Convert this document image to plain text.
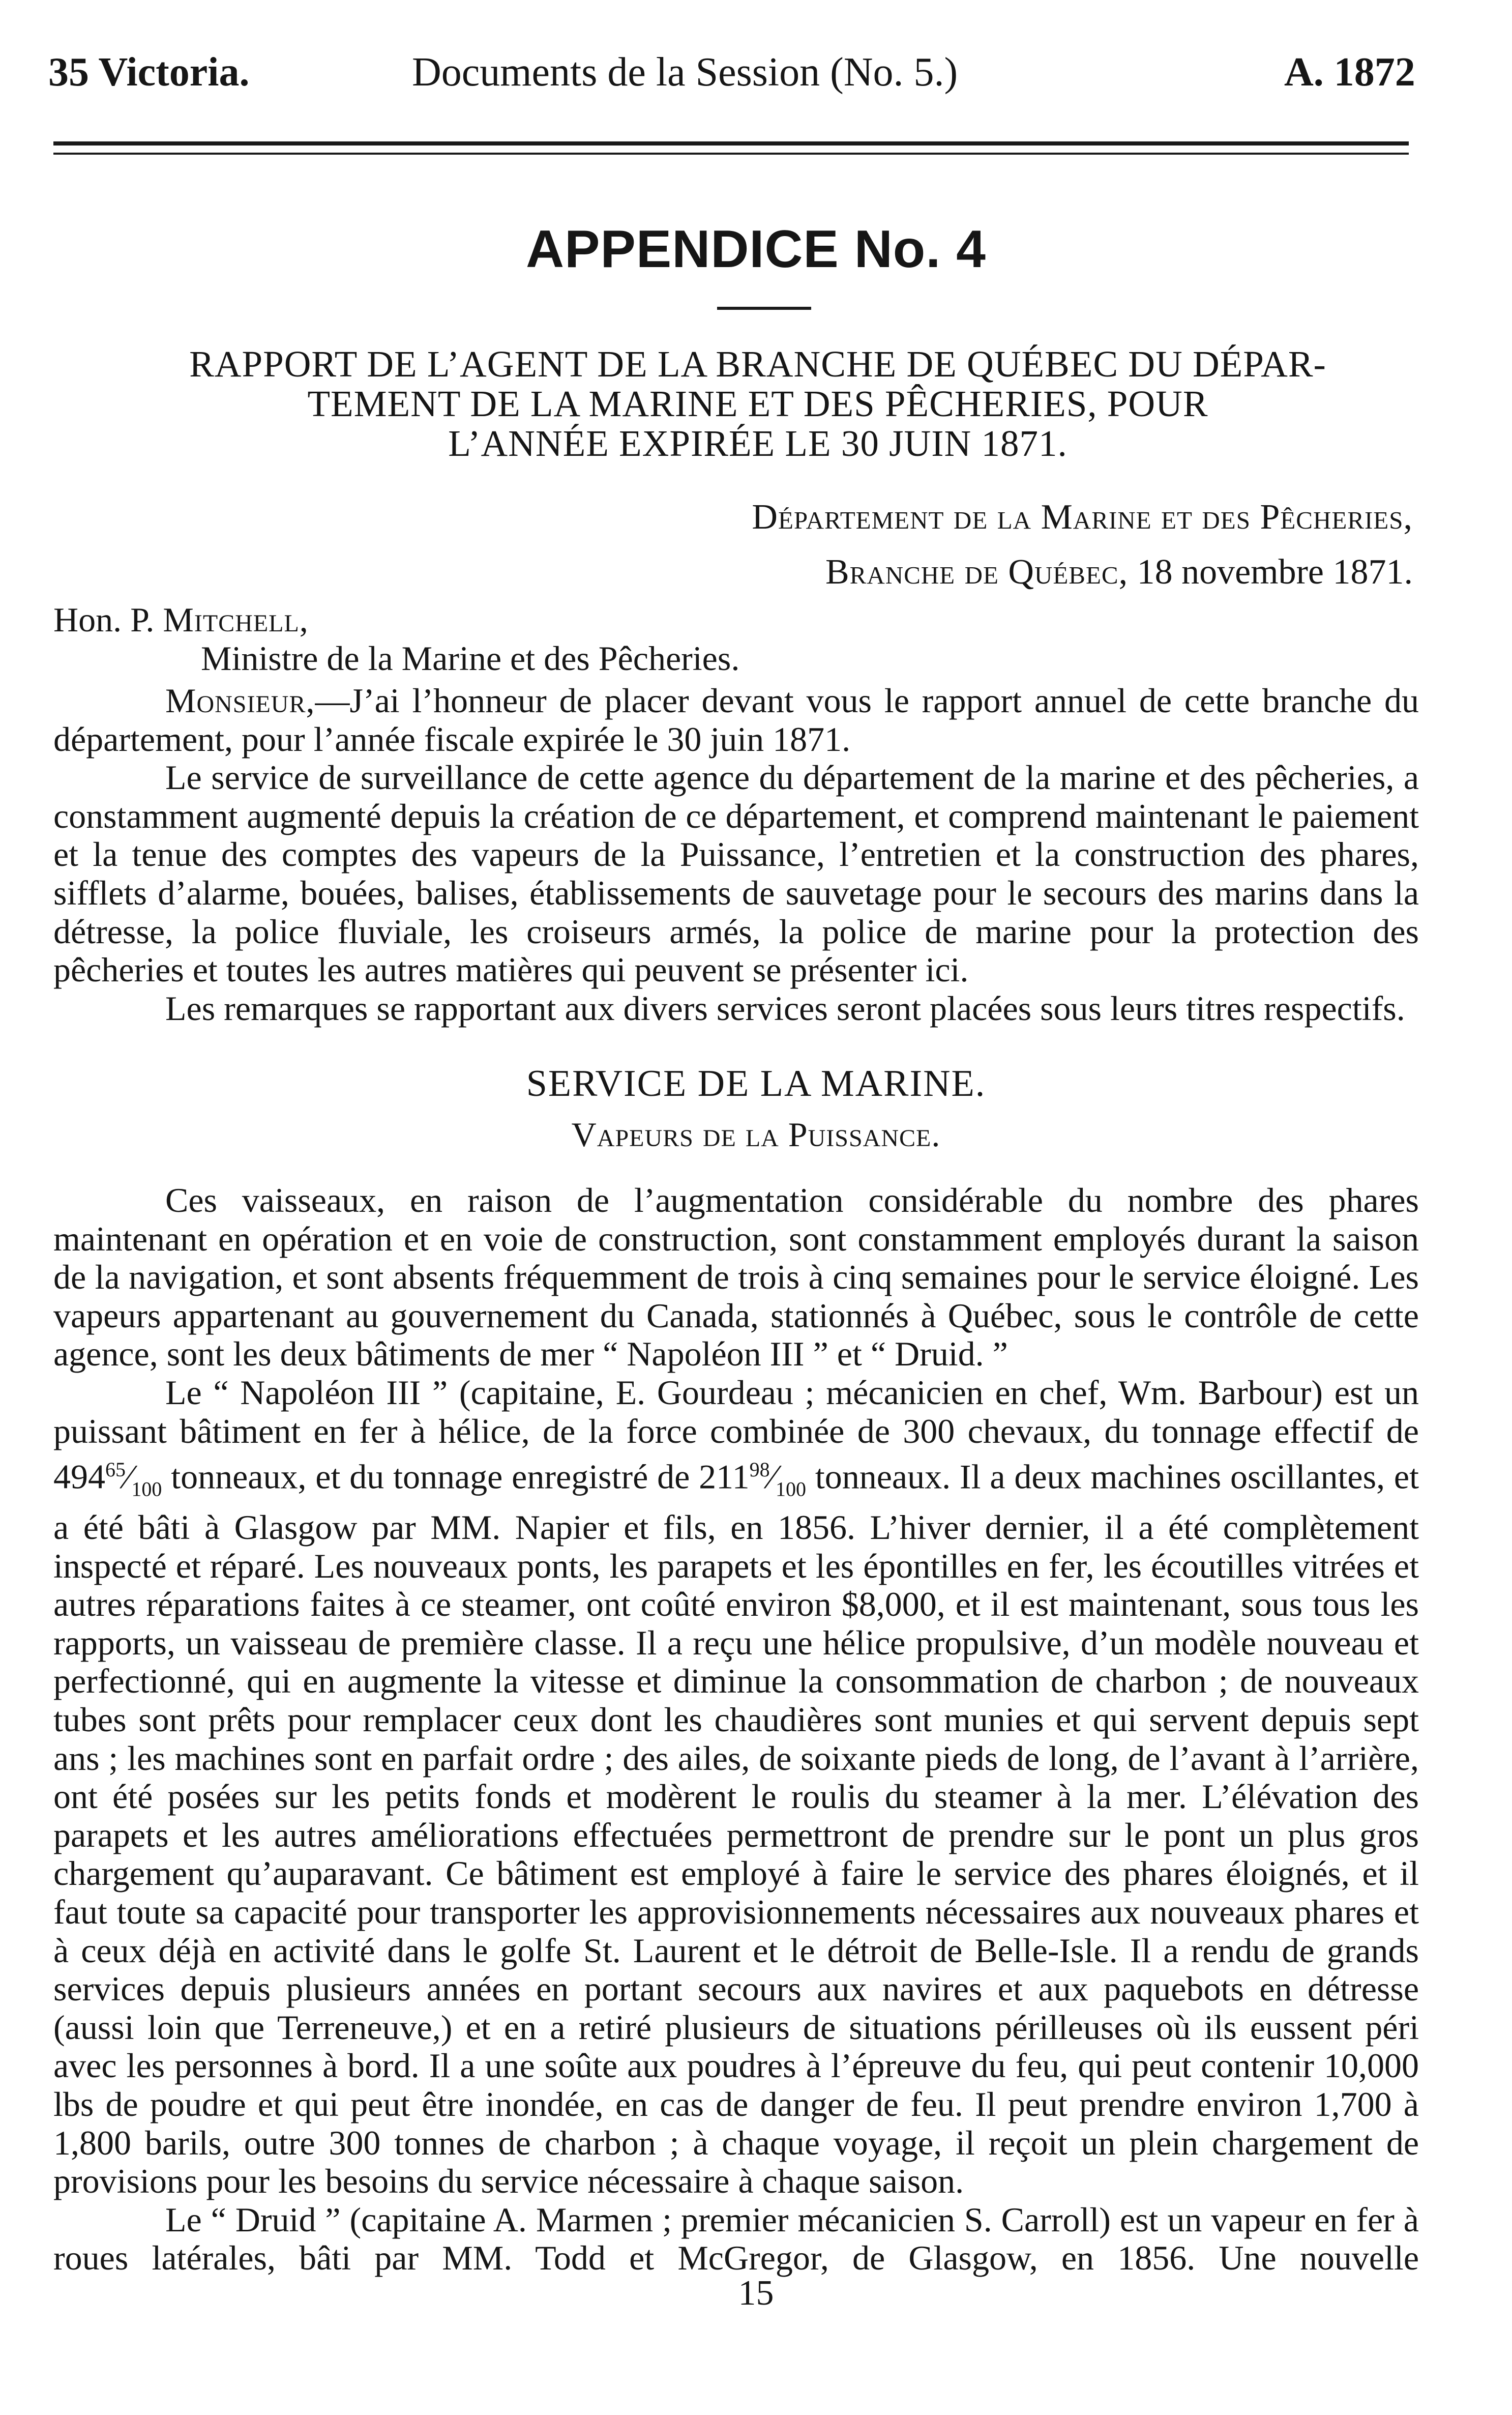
35 Victoria.	Documents de la Session (No. 5.)	A. 1872
APPENDICE No. 4
RAPPORT DE L’AGENT DE LA BRANCHE DE QUÉBEC DU DÉPAR-
TEMENT DE LA MARINE ET DES PÊCHERIES, POUR
L’ANNÉE EXPIRÉE LE 30 JUIN 1871.
Département de la Marine et des Pêcheries,
Branche de Québec, 18 novembre 1871.
Hon. P. Mitchell,
Ministre de la Marine et des Pêcheries.

Monsieur,—J’ai l’honneur de placer devant vous le rapport annuel de cette branche du département, pour l’année fiscale expirée le 30 juin 1871.

Le service de surveillance de cette agence du département de la marine et des pêcheries, a constamment augmenté depuis la création de ce département, et comprend maintenant le paiement et la tenue des comptes des vapeurs de la Puissance, l’entretien et la construction des phares, sifflets d’alarme, bouées, balises, établissements de sauvetage pour le secours des marins dans la détresse, la police fluviale, les croiseurs armés, la police de marine pour la protection des pêcheries et toutes les autres matières qui peuvent se présenter ici.

Les remarques se rapportant aux divers services seront placées sous leurs titres respectifs.

SERVICE DE LA MARINE.
Vapeurs de la Puissance.

Ces vaisseaux, en raison de l’augmentation considérable du nombre des phares maintenant en opération et en voie de construction, sont constamment employés durant la saison de la navigation, et sont absents fréquemment de trois à cinq semaines pour le service éloigné. Les vapeurs appartenant au gouvernement du Canada, stationnés à Québec, sous le contrôle de cette agence, sont les deux bâtiments de mer “ Napoléon III ” et “ Druid. ”

Le “ Napoléon III ” (capitaine, E. Gourdeau ; mécanicien en chef, Wm. Barbour) est un puissant bâtiment en fer à hélice, de la force combinée de 300 chevaux, du tonnage effectif de $494^{65}⁄_{100}$ tonneaux, et du tonnage enregistré de $211^{98}⁄_{100}$ tonneaux. Il a deux machines oscillantes, et a été bâti à Glasgow par MM. Napier et fils, en 1856. L’hiver dernier, il a été complètement inspecté et réparé. Les nouveaux ponts, les parapets et les épontilles en fer, les écoutilles vitrées et autres réparations faites à ce steamer, ont coûté environ $8,000, et il est maintenant, sous tous les rapports, un vaisseau de première classe. Il a reçu une hélice propulsive, d’un modèle nouveau et perfectionné, qui en augmente la vitesse et diminue la consommation de charbon ; de nouveaux tubes sont prêts pour remplacer ceux dont les chaudières sont munies et qui servent depuis sept ans ; les machines sont en parfait ordre ; des ailes, de soixante pieds de long, de l’avant à l’arrière, ont été posées sur les petits fonds et modèrent le roulis du steamer à la mer. L’élévation des parapets et les autres améliorations effectuées permettront de prendre sur le pont un plus gros chargement qu’auparavant. Ce bâtiment est employé à faire le service des phares éloignés, et il faut toute sa capacité pour transporter les approvisionnements nécessaires aux nouveaux phares et à ceux déjà en activité dans le golfe St. Laurent et le détroit de Belle-Isle. Il a rendu de grands services depuis plusieurs années en portant secours aux navires et aux paquebots en détresse (aussi loin que Terreneuve,) et en a retiré plusieurs de situations périlleuses où ils eussent péri avec les personnes à bord. Il a une soûte aux poudres à l’épreuve du feu, qui peut contenir 10,000 lbs de poudre et qui peut être inondée, en cas de danger de feu. Il peut prendre environ 1,700 à 1,800 barils, outre 300 tonnes de charbon ; à chaque voyage, il reçoit un plein chargement de provisions pour les besoins du service nécessaire à chaque saison.

Le “ Druid ” (capitaine A. Marmen ; premier mécanicien S. Carroll) est un vapeur en fer à roues latérales, bâti par MM. Todd et McGregor, de Glasgow, en 1856. Une nouvelle

15
